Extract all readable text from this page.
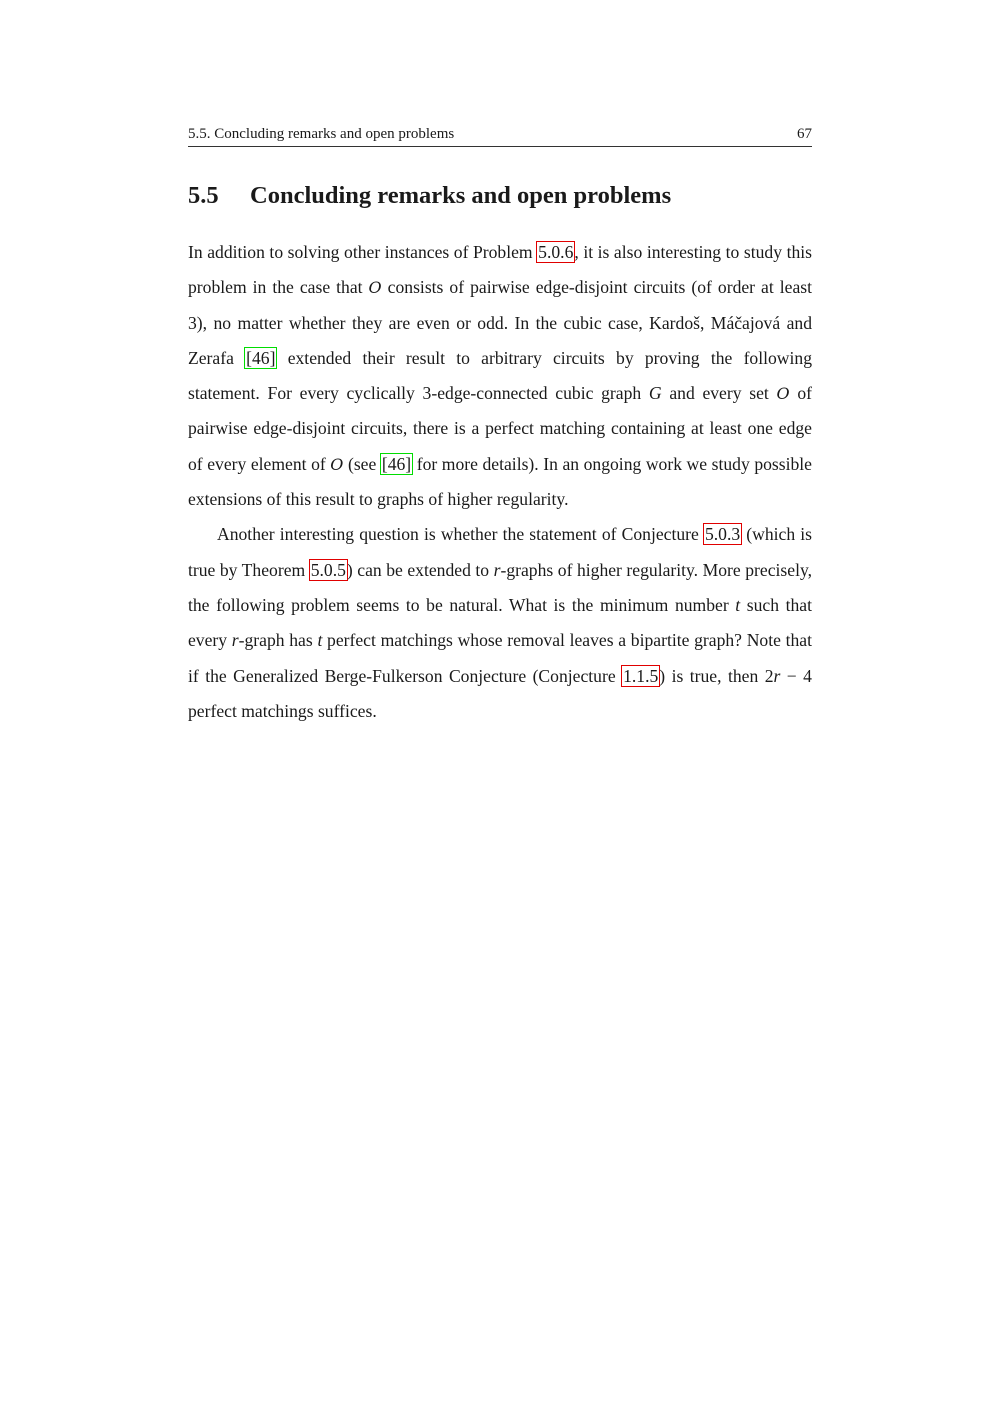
5.5. Concluding remarks and open problems	67
5.5 Concluding remarks and open problems

In addition to solving other instances of Problem 5.0.6, it is also interesting to study this problem in the case that O consists of pairwise edge-disjoint circuits (of order at least 3), no matter whether they are even or odd. In the cubic case, Kardoš, Máčajová and Zerafa [46] extended their result to arbitrary circuits by proving the following statement. For every cyclically 3-edge-connected cubic graph G and every set O of pairwise edge-disjoint circuits, there is a perfect matching containing at least one edge of every element of O (see [46] for more details). In an ongoing work we study possible extensions of this result to graphs of higher regularity.

Another interesting question is whether the statement of Conjecture 5.0.3 (which is true by Theorem 5.0.5) can be extended to r-graphs of higher regularity. More precisely, the following problem seems to be natural. What is the minimum number t such that every r-graph has t perfect matchings whose removal leaves a bipartite graph? Note that if the Generalized Berge-Fulkerson Conjecture (Conjecture 1.1.5) is true, then 2r − 4 perfect matchings suffices.
